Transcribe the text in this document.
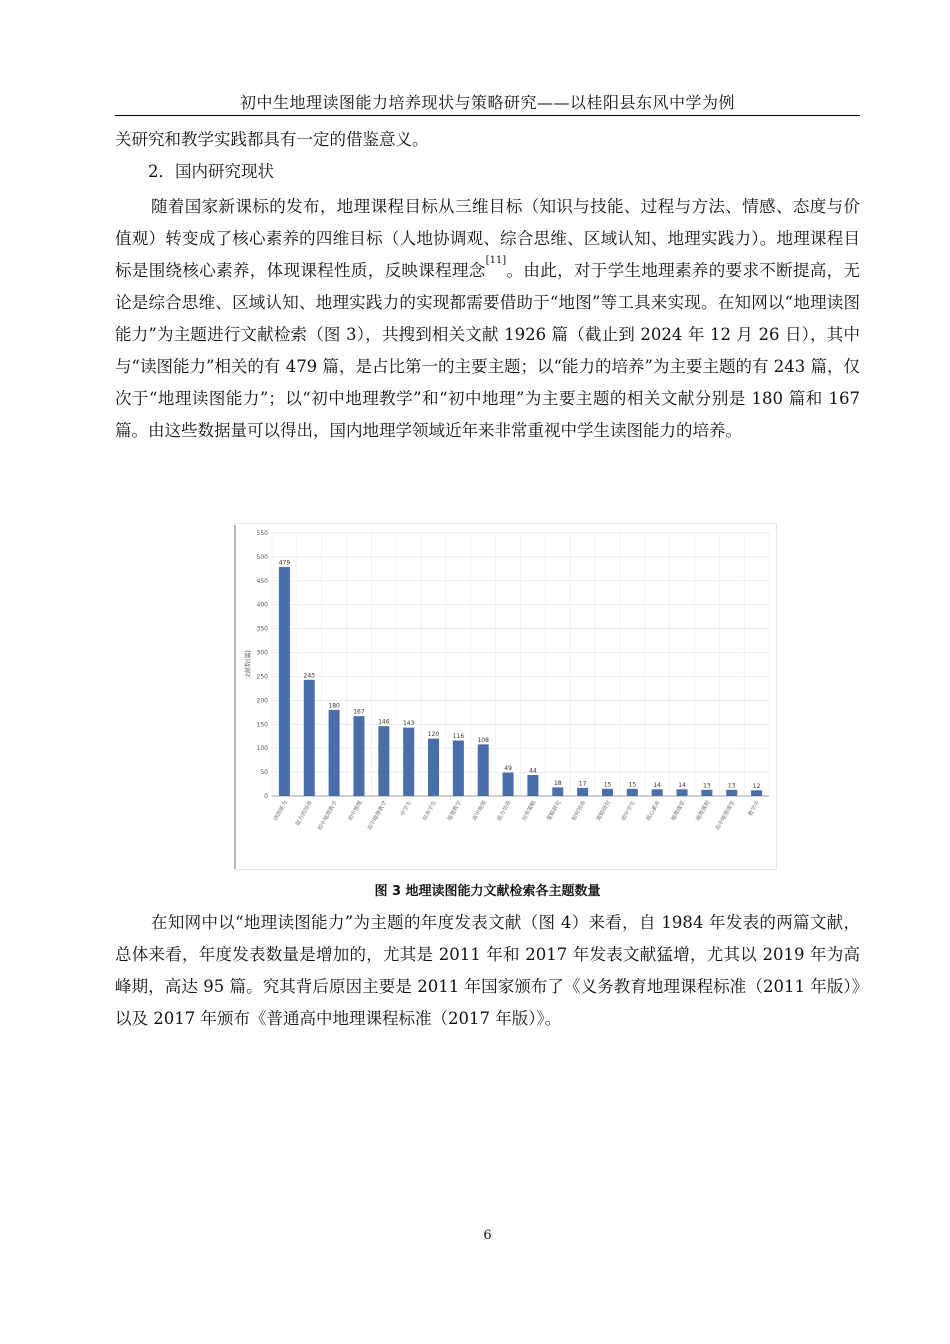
初中生地理读图能力培养现状与策略研究——以桂阳县东风中学为例

关研究和教学实践都具有一定的借鉴意义。

2．国内研究现状

随着国家新课标的发布，地理课程目标从三维目标（知识与技能、过程与方法、情感、态度与价值观）转变成了核心素养的四维目标（人地协调观、综合思维、区域认知、地理实践力）。地理课程目标是围绕核心素养，体现课程性质，反映课程理念[11]。由此，对于学生地理素养的要求不断提高，无论是综合思维、区域认知、地理实践力的实现都需要借助于“地图”等工具来实现。在知网以“地理读图能力”为主题进行文献检索（图 3），共搜到相关文献 1926 篇（截止到 2024 年 12 月 26 日），其中与“读图能力”相关的有 479 篇，是占比第一的主要主题；以“能力的培养”为主要主题的有 243 篇，仅次于“地理读图能力”；以“初中地理教学”和“初中地理”为主要主题的相关文献分别是 180 篇和 167 篇。由这些数据量可以得出，国内地理学领域近年来非常重视中学生读图能力的培养。

0
50
100
150
200
250
300
350
400
450
500
550
文献数(篇)
479
读图能力
243
能力的培养
180
初中地理教学
167
初中地理
146
高中地理教学
143
中学生
120
培养学生
116
地理教学
108
高中地理
49
能力培养
44
培养策略
18
策略研究
17
如何培养
15
策略研究
15
初中学生
14
核心素养
14
地理课堂
13
地理课程
13
高中地理课堂
12
教学中
图 3 地理读图能力文献检索各主题数量

在知网中以“地理读图能力”为主题的年度发表文献（图 4）来看，自 1984 年发表的两篇文献，总体来看，年度发表数量是增加的，尤其是 2011 年和 2017 年发表文献猛增，尤其以 2019 年为高峰期，高达 95 篇。究其背后原因主要是 2011 年国家颁布了《义务教育地理课程标准（2011 年版）》以及 2017 年颁布《普通高中地理课程标准（2017 年版）》。

6
